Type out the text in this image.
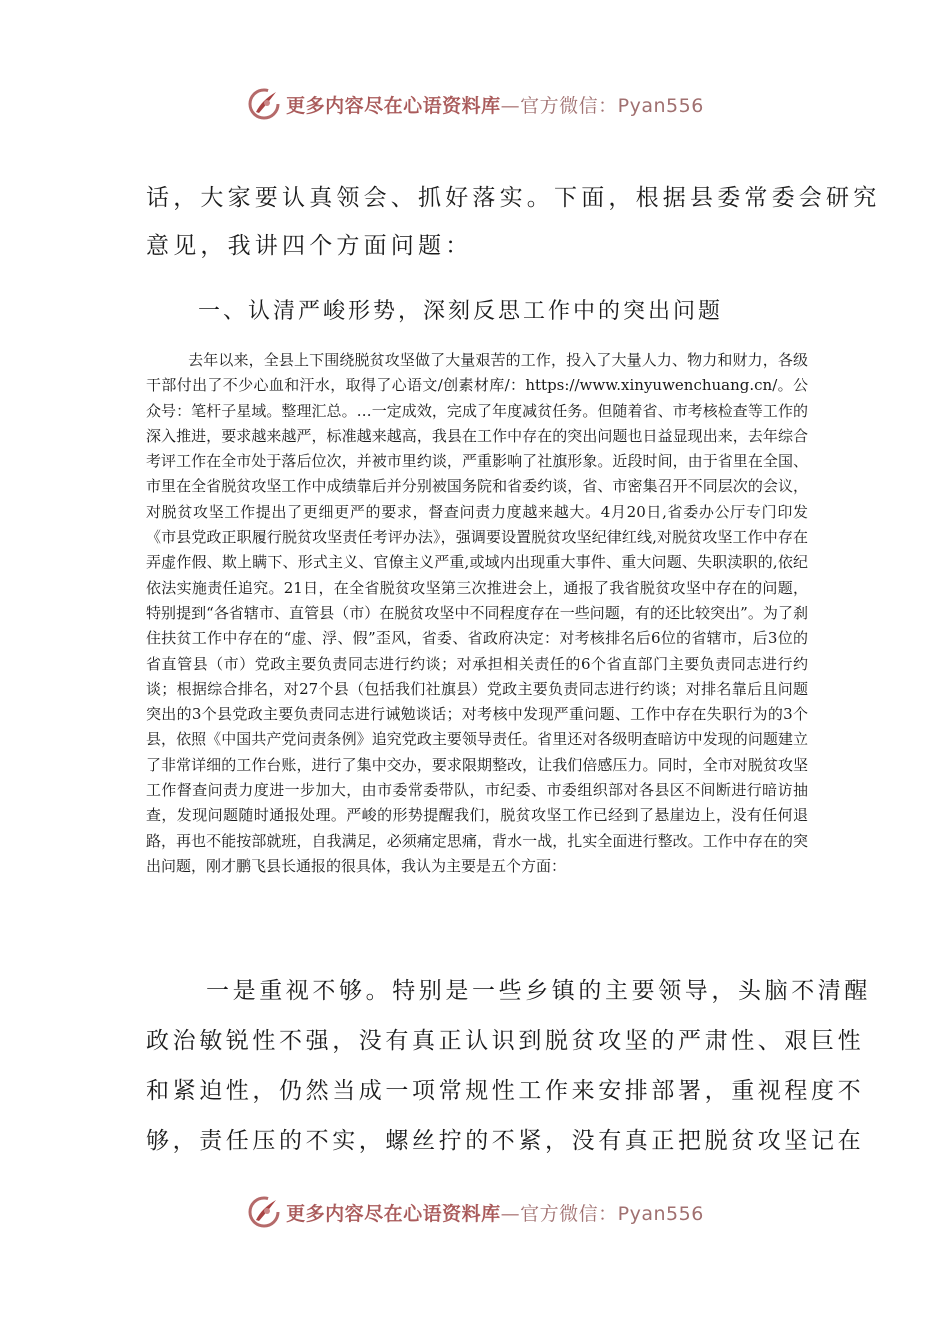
更多内容尽在心语资料库—官方微信：Pyan556
话，大家要认真领会、抓好落实。下面，根据县委常委会研究
意见，我讲四个方面问题：
一、认清严峻形势，深刻反思工作中的突出问题
去年以来，全县上下围绕脱贫攻坚做了大量艰苦的工作，投入了大量人力、物力和财力，各级干部付出了不少心血和汗水，取得了心语文/创素材库/：https://www.xinyuwenchuang.cn/。公众号：笔杆子星域。整理汇总。…一定成效，完成了年度减贫任务。但随着省、市考核检查等工作的深入推进，要求越来越严，标准越来越高，我县在工作中存在的突出问题也日益显现出来，去年综合考评工作在全市处于落后位次，并被市里约谈，严重影响了社旗形象。近段时间，由于省里在全国、市里在全省脱贫攻坚工作中成绩靠后并分别被国务院和省委约谈，省、市密集召开不同层次的会议，对脱贫攻坚工作提出了更细更严的要求，督查问责力度越来越大。4月20日,省委办公厅专门印发《市县党政正职履行脱贫攻坚责任考评办法》，强调要设置脱贫攻坚纪律红线,对脱贫攻坚工作中存在弄虚作假、欺上瞒下、形式主义、官僚主义严重,或域内出现重大事件、重大问题、失职渎职的,依纪依法实施责任追究。21日，在全省脱贫攻坚第三次推进会上，通报了我省脱贫攻坚中存在的问题，特别提到“各省辖市、直管县（市）在脱贫攻坚中不同程度存在一些问题，有的还比较突出”。为了刹住扶贫工作中存在的“虚、浮、假”歪风，省委、省政府决定：对考核排名后6位的省辖市，后3位的省直管县（市）党政主要负责同志进行约谈；对承担相关责任的6个省直部门主要负责同志进行约谈；根据综合排名，对27个县（包括我们社旗县）党政主要负责同志进行约谈；对排名靠后且问题突出的3个县党政主要负责同志进行诫勉谈话；对考核中发现严重问题、工作中存在失职行为的3个县，依照《中国共产党问责条例》追究党政主要领导责任。省里还对各级明查暗访中发现的问题建立了非常详细的工作台账，进行了集中交办，要求限期整改，让我们倍感压力。同时，全市对脱贫攻坚工作督查问责力度进一步加大，由市委常委带队，市纪委、市委组织部对各县区不间断进行暗访抽查，发现问题随时通报处理。严峻的形势提醒我们，脱贫攻坚工作已经到了悬崖边上，没有任何退路，再也不能按部就班，自我满足，必须痛定思痛，背水一战，扎实全面进行整改。工作中存在的突出问题，刚才鹏飞县长通报的很具体，我认为主要是五个方面：
一是重视不够。特别是一些乡镇的主要领导，头脑不清醒
政治敏锐性不强，没有真正认识到脱贫攻坚的严肃性、艰巨性
和紧迫性，仍然当成一项常规性工作来安排部署，重视程度不
够，责任压的不实，螺丝拧的不紧，没有真正把脱贫攻坚记在
更多内容尽在心语资料库—官方微信：Pyan556
